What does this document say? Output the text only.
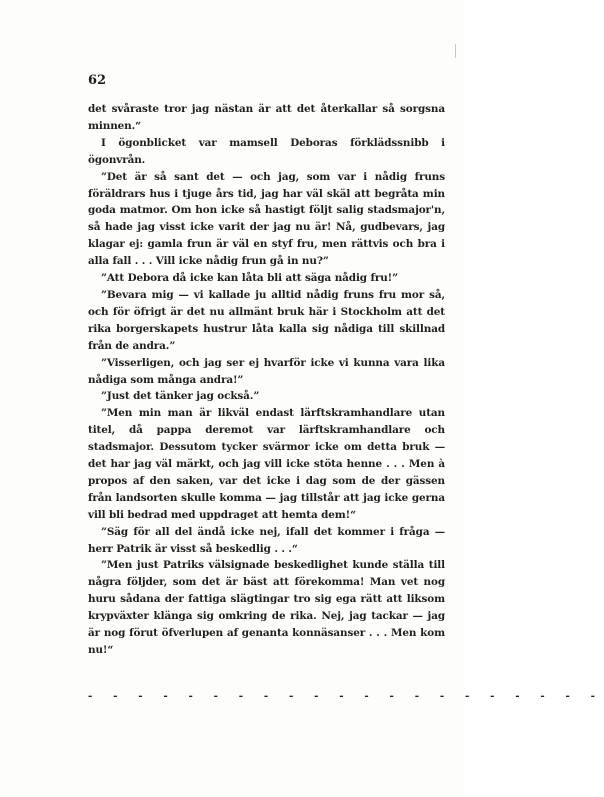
62

det svåraste tror jag nästan är att det återkallar så sorgsna minnen.“

I ögonblicket var mamsell Deboras förklädssnibb i ögonvrån.

”Det är så sant det — och jag, som var i nådig fruns föräldrars hus i tjuge års tid, jag har väl skäl att begråta min goda matmor. Om hon icke så hastigt följt salig stadsmajor'n, så hade jag visst icke varit der jag nu är! Nå, gudbevars, jag klagar ej: gamla frun är väl en styf fru, men rättvis och bra i alla fall . . . Vill icke nådig frun gå in nu?”

”Att Debora då icke kan låta bli att säga nådig fru!”

”Bevara mig — vi kallade ju alltid nådig fruns fru mor så, och för öfrigt är det nu allmänt bruk här i Stockholm att det rika borgerskapets hustrur låta kalla sig nådiga till skillnad från de andra.”

”Visserligen, och jag ser ej hvarför icke vi kunna vara lika nådiga som många andra!”

”Just det tänker jag också.”

”Men min man är likväl endast lärftskramhandlare utan titel, då pappa deremot var lärftskramhandlare och stadsmajor. Dessutom tycker svärmor icke om detta bruk — det har jag väl märkt, och jag vill icke stöta henne . . . Men à propos af den saken, var det icke i dag som de der gässen från landsorten skulle komma — jag tillstår att jag icke gerna vill bli bedrad med uppdraget att hemta dem!“

”Säg för all del ändå icke nej, ifall det kommer i fråga — herr Patrik är visst så beskedlig . . .“

”Men just Patriks välsignade beskedlighet kunde ställa till några följder, som det är bäst att förekomma! Man vet nog huru sådana der fattiga slägtingar tro sig ega rätt att liksom krypväxter klänga sig omkring de rika. Nej, jag tackar — jag är nog förut öfverlupen af genanta konnäsanser . . . Men kom nu!“

- - - - - - - - - - - - - - - - - - - - -
